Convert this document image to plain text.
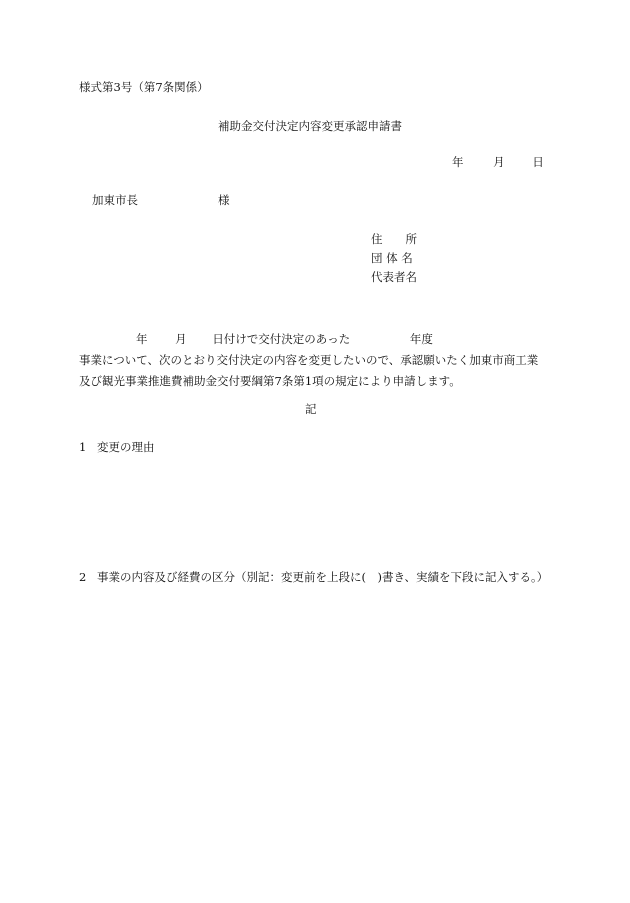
様式第3号（第7条関係）
補助金交付決定内容変更承認申請書
年	月 日
加東市長	様
住　　所
団 体 名
代表者名
年 月 日付けで交付決定のあった	年度
事業について、次のとおり交付決定の内容を変更したいので、承認願いたく加東市商工業
及び観光事業推進費補助金交付要綱第7条第1項の規定により申請します。
記
1 変更の理由
2 事業の内容及び経費の区分（別記：変更前を上段に(　)書き、実績を下段に記入する。）
